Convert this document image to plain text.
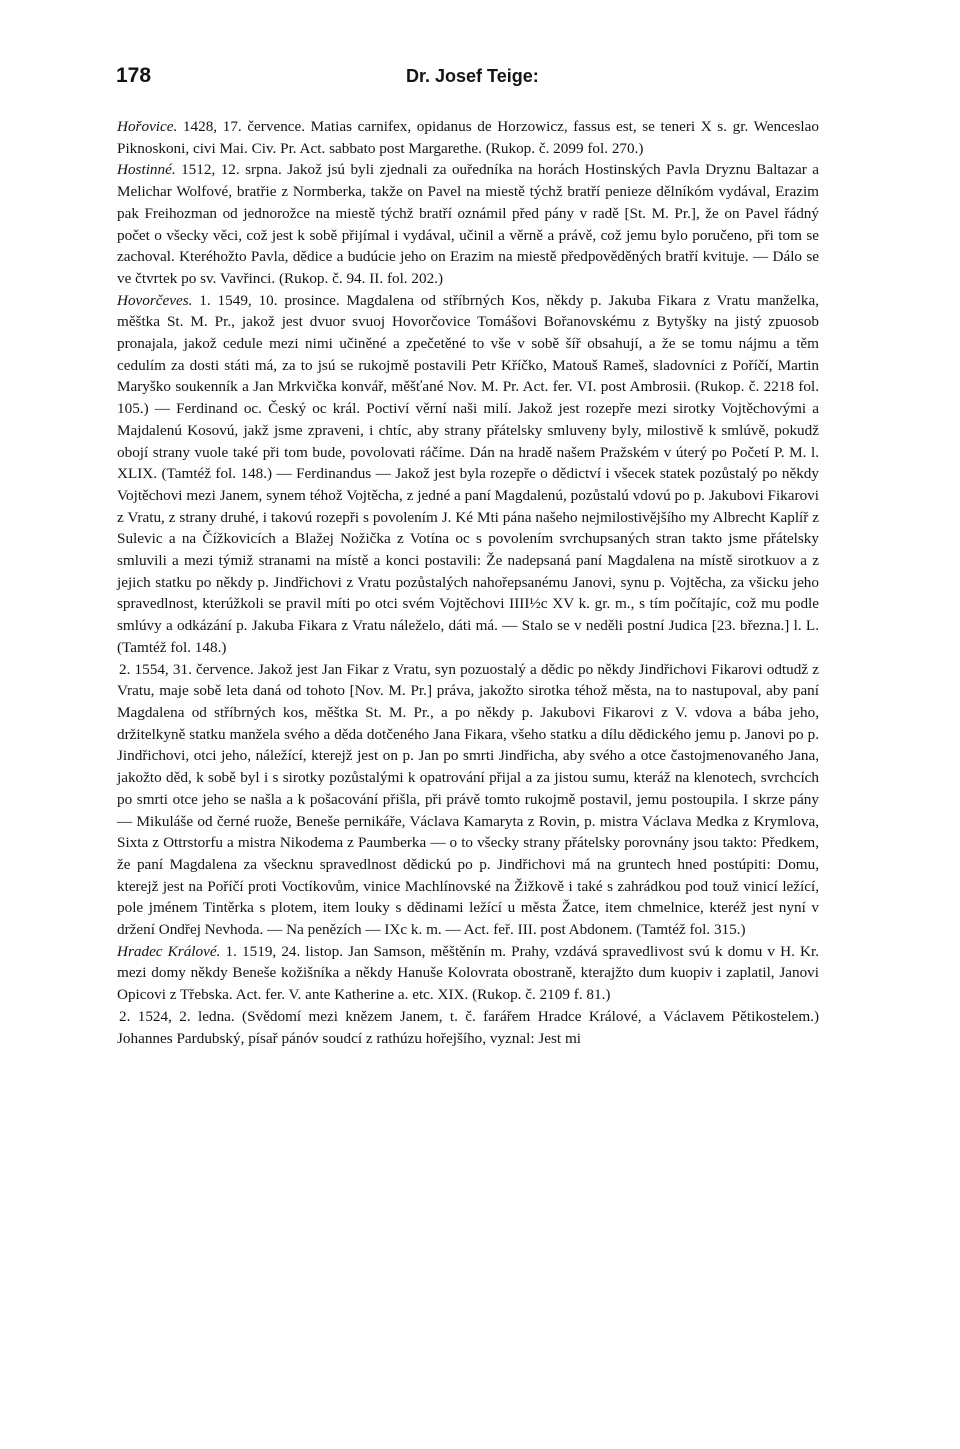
178	Dr. Josef Teige:

Hořovice. 1428, 17. července. Matias carnifex, opidanus de Horzowicz, fassus est, se teneri X s. gr. Wenceslao Piknoskoni, civi Mai. Civ. Pr. Act. sabbato post Margarethe. (Rukop. č. 2099 fol. 270.)

Hostinné. 1512, 12. srpna. Jakož jsú byli zjednali za ouředníka na horách Hostinských Pavla Dryznu Baltazar a Melichar Wolfové, bratřie z Normberka, takže on Pavel na miestě týchž bratří penieze dělníkóm vydával, Erazim pak Freihozman od jednorožce na miestě týchž bratří oznámil před pány v radě [St. M. Pr.], že on Pavel řádný počet o všecky věci, což jest k sobě přijímal i vydával, učinil a věrně a právě, což jemu bylo poručeno, při tom se zachoval. Kteréhožto Pavla, dědice a budúcie jeho on Erazim na miestě předpověděných bratří kvituje. — Dálo se ve čtvrtek po sv. Vavřinci. (Rukop. č. 94. II. fol. 202.)

Hovorčeves. 1. 1549, 10. prosince. Magdalena od stříbrných Kos, někdy p. Jakuba Fikara z Vratu manželka, měštka St. M. Pr., jakož jest dvuor svuoj Hovorčovice Tomášovi Bořanovskému z Bytyšky na jistý zpuosob pronajala, jakož cedule mezi nimi učiněné a zpečetěné to vše v sobě šíř obsahují, a že se tomu nájmu a těm cedulím za dosti státi má, za to jsú se rukojmě postavili Petr Kříčko, Matouš Rameš, sladovníci z Poříčí, Martin Maryško soukenník a Jan Mrkvička konvář, měšťané Nov. M. Pr. Act. fer. VI. post Ambrosii. (Rukop. č. 2218 fol. 105.) — Ferdinand oc. Český oc král. Poctiví věrní naši milí. Jakož jest rozepře mezi sirotky Vojtěchovými a Majdalenú Kosovú, jakž jsme zpraveni, i chtíc, aby strany přátelsky smluveny byly, milostivě k smlúvě, pokudž obojí strany vuole také při tom bude, povolovati ráčíme. Dán na hradě našem Pražském v úterý po Početí P. M. l. XLIX. (Tamtéž fol. 148.) — Ferdinandus — Jakož jest byla rozepře o dědictví i všecek statek pozůstalý po někdy Vojtěchovi mezi Janem, synem téhož Vojtěcha, z jedné a paní Magdalenú, pozůstalú vdovú po p. Jakubovi Fikarovi z Vratu, z strany druhé, i takovú rozepři s povolením J. Ké Mti pána našeho nejmilostivějšího my Albrecht Kaplíř z Sulevic a na Čížkovicích a Blažej Nožička z Votína oc s povolením svrchupsaných stran takto jsme přátelsky smluvili a mezi týmiž stranami na místě a konci postavili: Že nadepsaná paní Magdalena na místě sirotkuov a z jejich statku po někdy p. Jindřichovi z Vratu pozůstalých nahořepsanému Janovi, synu p. Vojtěcha, za všicku jeho spravedlnost, kterúžkoli se pravil míti po otci svém Vojtěchovi IIII½c XV k. gr. m., s tím počítajíc, což mu podle smlúvy a odkázání p. Jakuba Fikara z Vratu náleželo, dáti má. — Stalo se v neděli postní Judica [23. března.] l. L. (Tamtéž fol. 148.)

2. 1554, 31. července. Jakož jest Jan Fikar z Vratu, syn pozuostalý a dědic po někdy Jindřichovi Fikarovi odtudž z Vratu, maje sobě leta daná od tohoto [Nov. M. Pr.] práva, jakožto sirotka téhož města, na to nastupoval, aby paní Magdalena od stříbrných kos, měštka St. M. Pr., a po někdy p. Jakubovi Fikarovi z V. vdova a bába jeho, držitelkyně statku manžela svého a děda dotčeného Jana Fikara, všeho statku a dílu dědického jemu p. Janovi po p. Jindřichovi, otci jeho, náležící, kterejž jest on p. Jan po smrti Jindřicha, aby svého a otce častojmenovaného Jana, jakožto děd, k sobě byl i s sirotky pozůstalými k opatrování přijal a za jistou sumu, kteráž na klenotech, svrchcích po smrti otce jeho se našla a k pošacování přišla, při právě tomto rukojmě postavil, jemu postoupila. I skrze pány — Mikuláše od černé ruože, Beneše pernikáře, Václava Kamaryta z Rovin, p. mistra Václava Medka z Krymlova, Sixta z Ottrstorfu a mistra Nikodema z Paumberka — o to všecky strany přátelsky porovnány jsou takto: Předkem, že paní Magdalena za všecknu spravedlnost dědickú po p. Jindřichovi má na gruntech hned postúpiti: Domu, kterejž jest na Poříčí proti Voctíkovům, vinice Machlínovské na Žižkově i také s zahrádkou pod touž vinicí ležící, pole jménem Tintěrka s plotem, item louky s dědinami ležící u města Žatce, item chmelnice, kteréž jest nyní v držení Ondřej Nevhoda. — Na penězích — IXc k. m. — Act. feř. III. post Abdonem. (Tamtéž fol. 315.)

Hradec Králové. 1. 1519, 24. listop. Jan Samson, měštěnín m. Prahy, vzdává spravedlivost svú k domu v H. Kr. mezi domy někdy Beneše kožišníka a někdy Hanuše Kolovrata obostraně, kterajžto dum kuopiv i zaplatil, Janovi Opicovi z Třebska. Act. fer. V. ante Katherine a. etc. XIX. (Rukop. č. 2109 f. 81.)

2. 1524, 2. ledna. (Svědomí mezi knězem Janem, t. č. farářem Hradce Králové, a Václavem Pětikostelem.) Johannes Pardubský, písař pánóv soudcí z rathúzu hořejšího, vyznal: Jest mi
